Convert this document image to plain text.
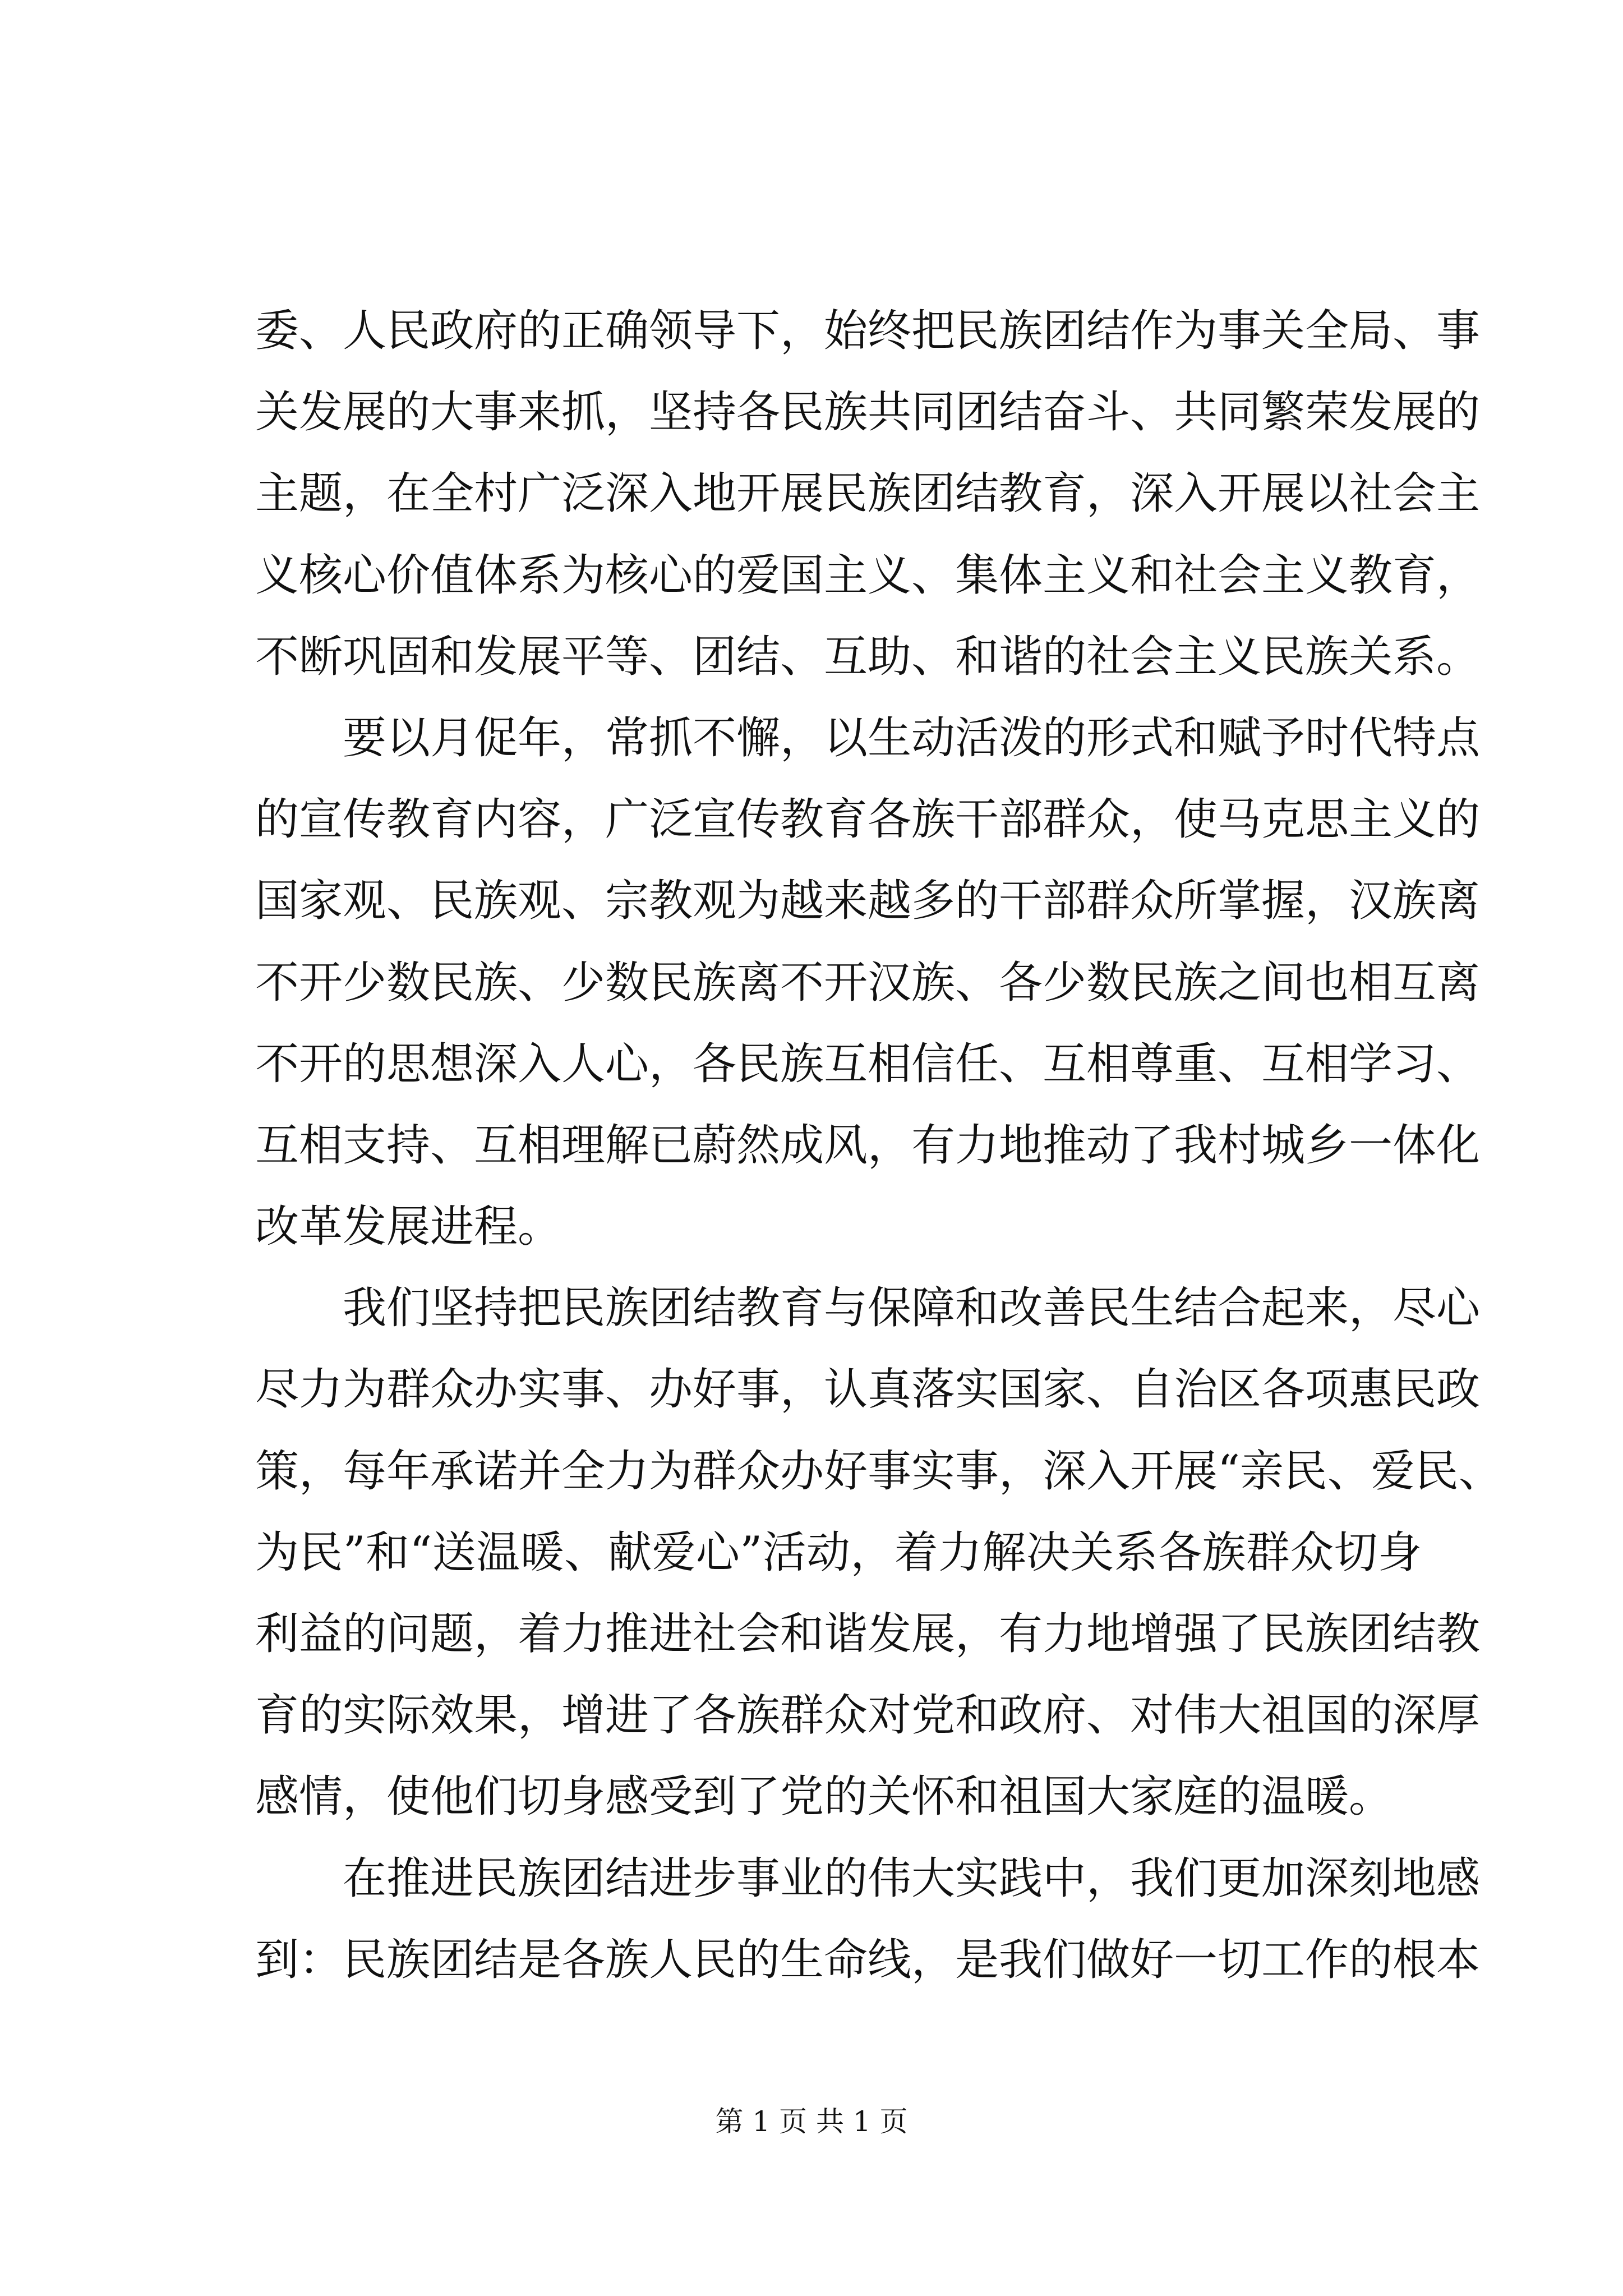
委、人民政府的正确领导下，始终把民族团结作为事关全局、事
关发展的大事来抓，坚持各民族共同团结奋斗、共同繁荣发展的
主题，在全村广泛深入地开展民族团结教育，深入开展以社会主
义核心价值体系为核心的爱国主义、集体主义和社会主义教育，
不断巩固和发展平等、团结、互助、和谐的社会主义民族关系。
　　要以月促年，常抓不懈，以生动活泼的形式和赋予时代特点
的宣传教育内容，广泛宣传教育各族干部群众，使马克思主义的
国家观、民族观、宗教观为越来越多的干部群众所掌握，汉族离
不开少数民族、少数民族离不开汉族、各少数民族之间也相互离
不开的思想深入人心，各民族互相信任、互相尊重、互相学习、
互相支持、互相理解已蔚然成风，有力地推动了我村城乡一体化
改革发展进程。
　　我们坚持把民族团结教育与保障和改善民生结合起来，尽心
尽力为群众办实事、办好事，认真落实国家、自治区各项惠民政
策，每年承诺并全力为群众办好事实事，深入开展“亲民、爱民、
为民”和“送温暖、献爱心”活动，着力解决关系各族群众切身
利益的问题，着力推进社会和谐发展，有力地增强了民族团结教
育的实际效果，增进了各族群众对党和政府、对伟大祖国的深厚
感情，使他们切身感受到了党的关怀和祖国大家庭的温暖。
　　在推进民族团结进步事业的伟大实践中，我们更加深刻地感
到：民族团结是各族人民的生命线，是我们做好一切工作的根本
第 1 页 共 1 页
